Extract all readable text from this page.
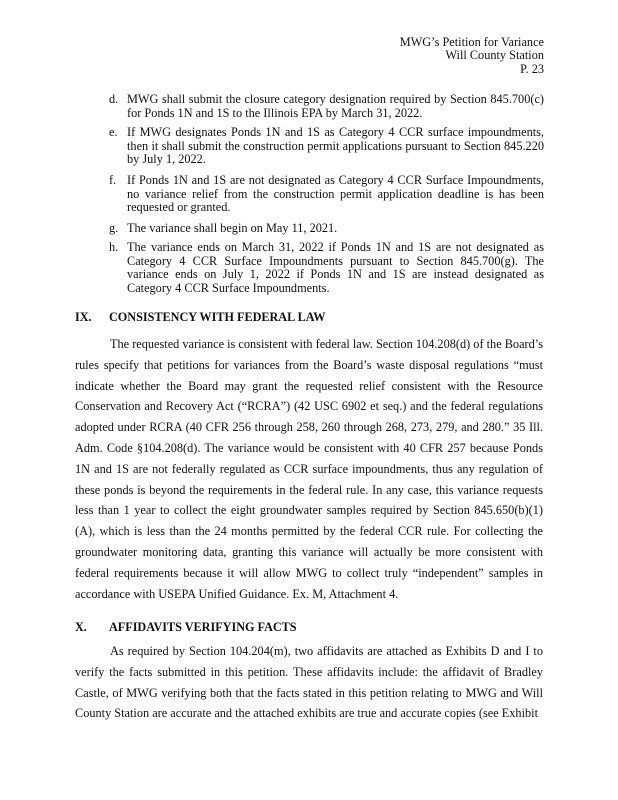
MWG’s Petition for Variance
Will County Station
P. 23
d. MWG shall submit the closure category designation required by Section 845.700(c) for Ponds 1N and 1S to the Illinois EPA by March 31, 2022.
e. If MWG designates Ponds 1N and 1S as Category 4 CCR surface impoundments, then it shall submit the construction permit applications pursuant to Section 845.220 by July 1, 2022.
f. If Ponds 1N and 1S are not designated as Category 4 CCR Surface Impoundments, no variance relief from the construction permit application deadline is has been requested or granted.
g. The variance shall begin on May 11, 2021.
h. The variance ends on March 31, 2022 if Ponds 1N and 1S are not designated as Category 4 CCR Surface Impoundments pursuant to Section 845.700(g). The variance ends on July 1, 2022 if Ponds 1N and 1S are instead designated as Category 4 CCR Surface Impoundments.
IX. CONSISTENCY WITH FEDERAL LAW
The requested variance is consistent with federal law. Section 104.208(d) of the Board’s rules specify that petitions for variances from the Board’s waste disposal regulations “must indicate whether the Board may grant the requested relief consistent with the Resource Conservation and Recovery Act (“RCRA”) (42 USC 6902 et seq.) and the federal regulations adopted under RCRA (40 CFR 256 through 258, 260 through 268, 273, 279, and 280.” 35 Ill. Adm. Code §104.208(d). The variance would be consistent with 40 CFR 257 because Ponds 1N and 1S are not federally regulated as CCR surface impoundments, thus any regulation of these ponds is beyond the requirements in the federal rule. In any case, this variance requests less than 1 year to collect the eight groundwater samples required by Section 845.650(b)(1)(A), which is less than the 24 months permitted by the federal CCR rule. For collecting the groundwater monitoring data, granting this variance will actually be more consistent with federal requirements because it will allow MWG to collect truly “independent” samples in accordance with USEPA Unified Guidance. Ex. M, Attachment 4.
X. AFFIDAVITS VERIFYING FACTS
As required by Section 104.204(m), two affidavits are attached as Exhibits D and I to verify the facts submitted in this petition. These affidavits include: the affidavit of Bradley Castle, of MWG verifying both that the facts stated in this petition relating to MWG and Will County Station are accurate and the attached exhibits are true and accurate copies (see Exhibit
